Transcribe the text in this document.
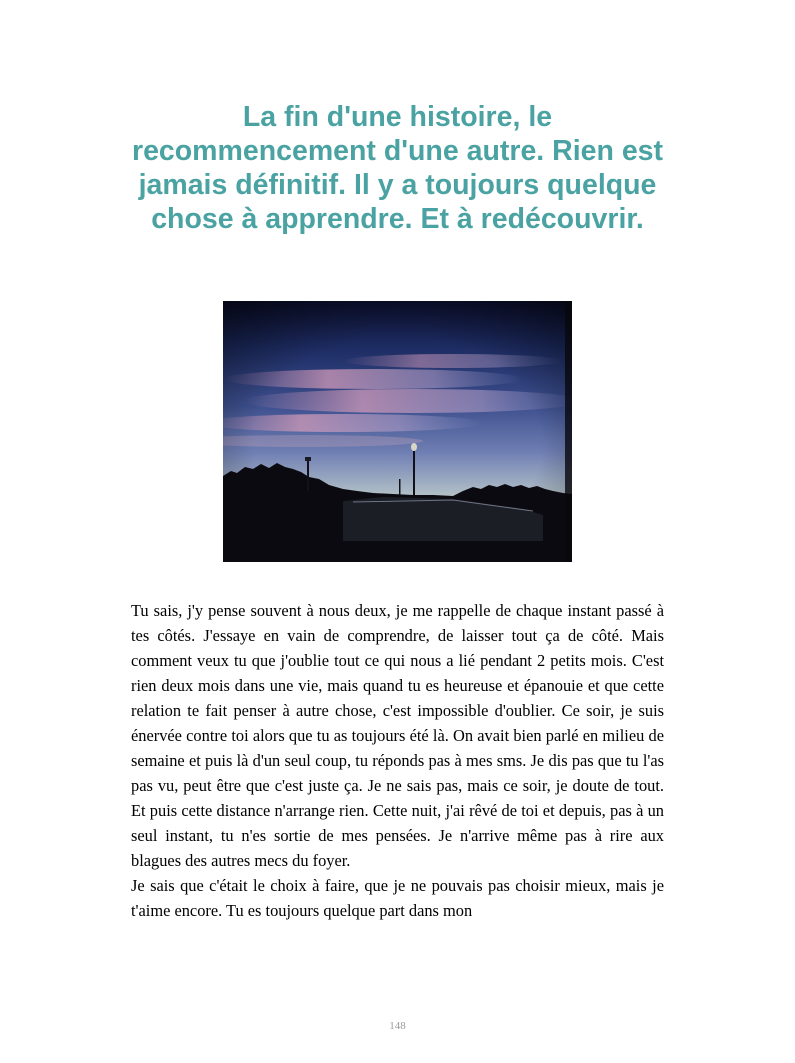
La fin d'une histoire, le recommencement d'une autre. Rien est jamais définitif. Il y a toujours quelque chose à apprendre. Et à redécouvrir.

Tu sais, j'y pense souvent à nous deux, je me rappelle de chaque instant passé à tes côtés. J'essaye en vain de comprendre, de laisser tout ça de côté. Mais comment veux tu que j'oublie tout ce qui nous a lié pendant 2 petits mois. C'est rien deux mois dans une vie, mais quand tu es heureuse et épanouie et que cette relation te fait penser à autre chose, c'est impossible d'oublier. Ce soir, je suis énervée contre toi alors que tu as toujours été là. On avait bien parlé en milieu de semaine et puis là d'un seul coup, tu réponds pas à mes sms. Je dis pas que tu l'as pas vu, peut être que c'est juste ça. Je ne sais pas, mais ce soir, je doute de tout. Et puis cette distance n'arrange rien. Cette nuit, j'ai rêvé de toi et depuis, pas à un seul instant, tu n'es sortie de mes pensées. Je n'arrive même pas à rire aux blagues des autres mecs du foyer.

Je sais que c'était le choix à faire, que je ne pouvais pas choisir mieux, mais je t'aime encore. Tu es toujours quelque part dans mon

148
